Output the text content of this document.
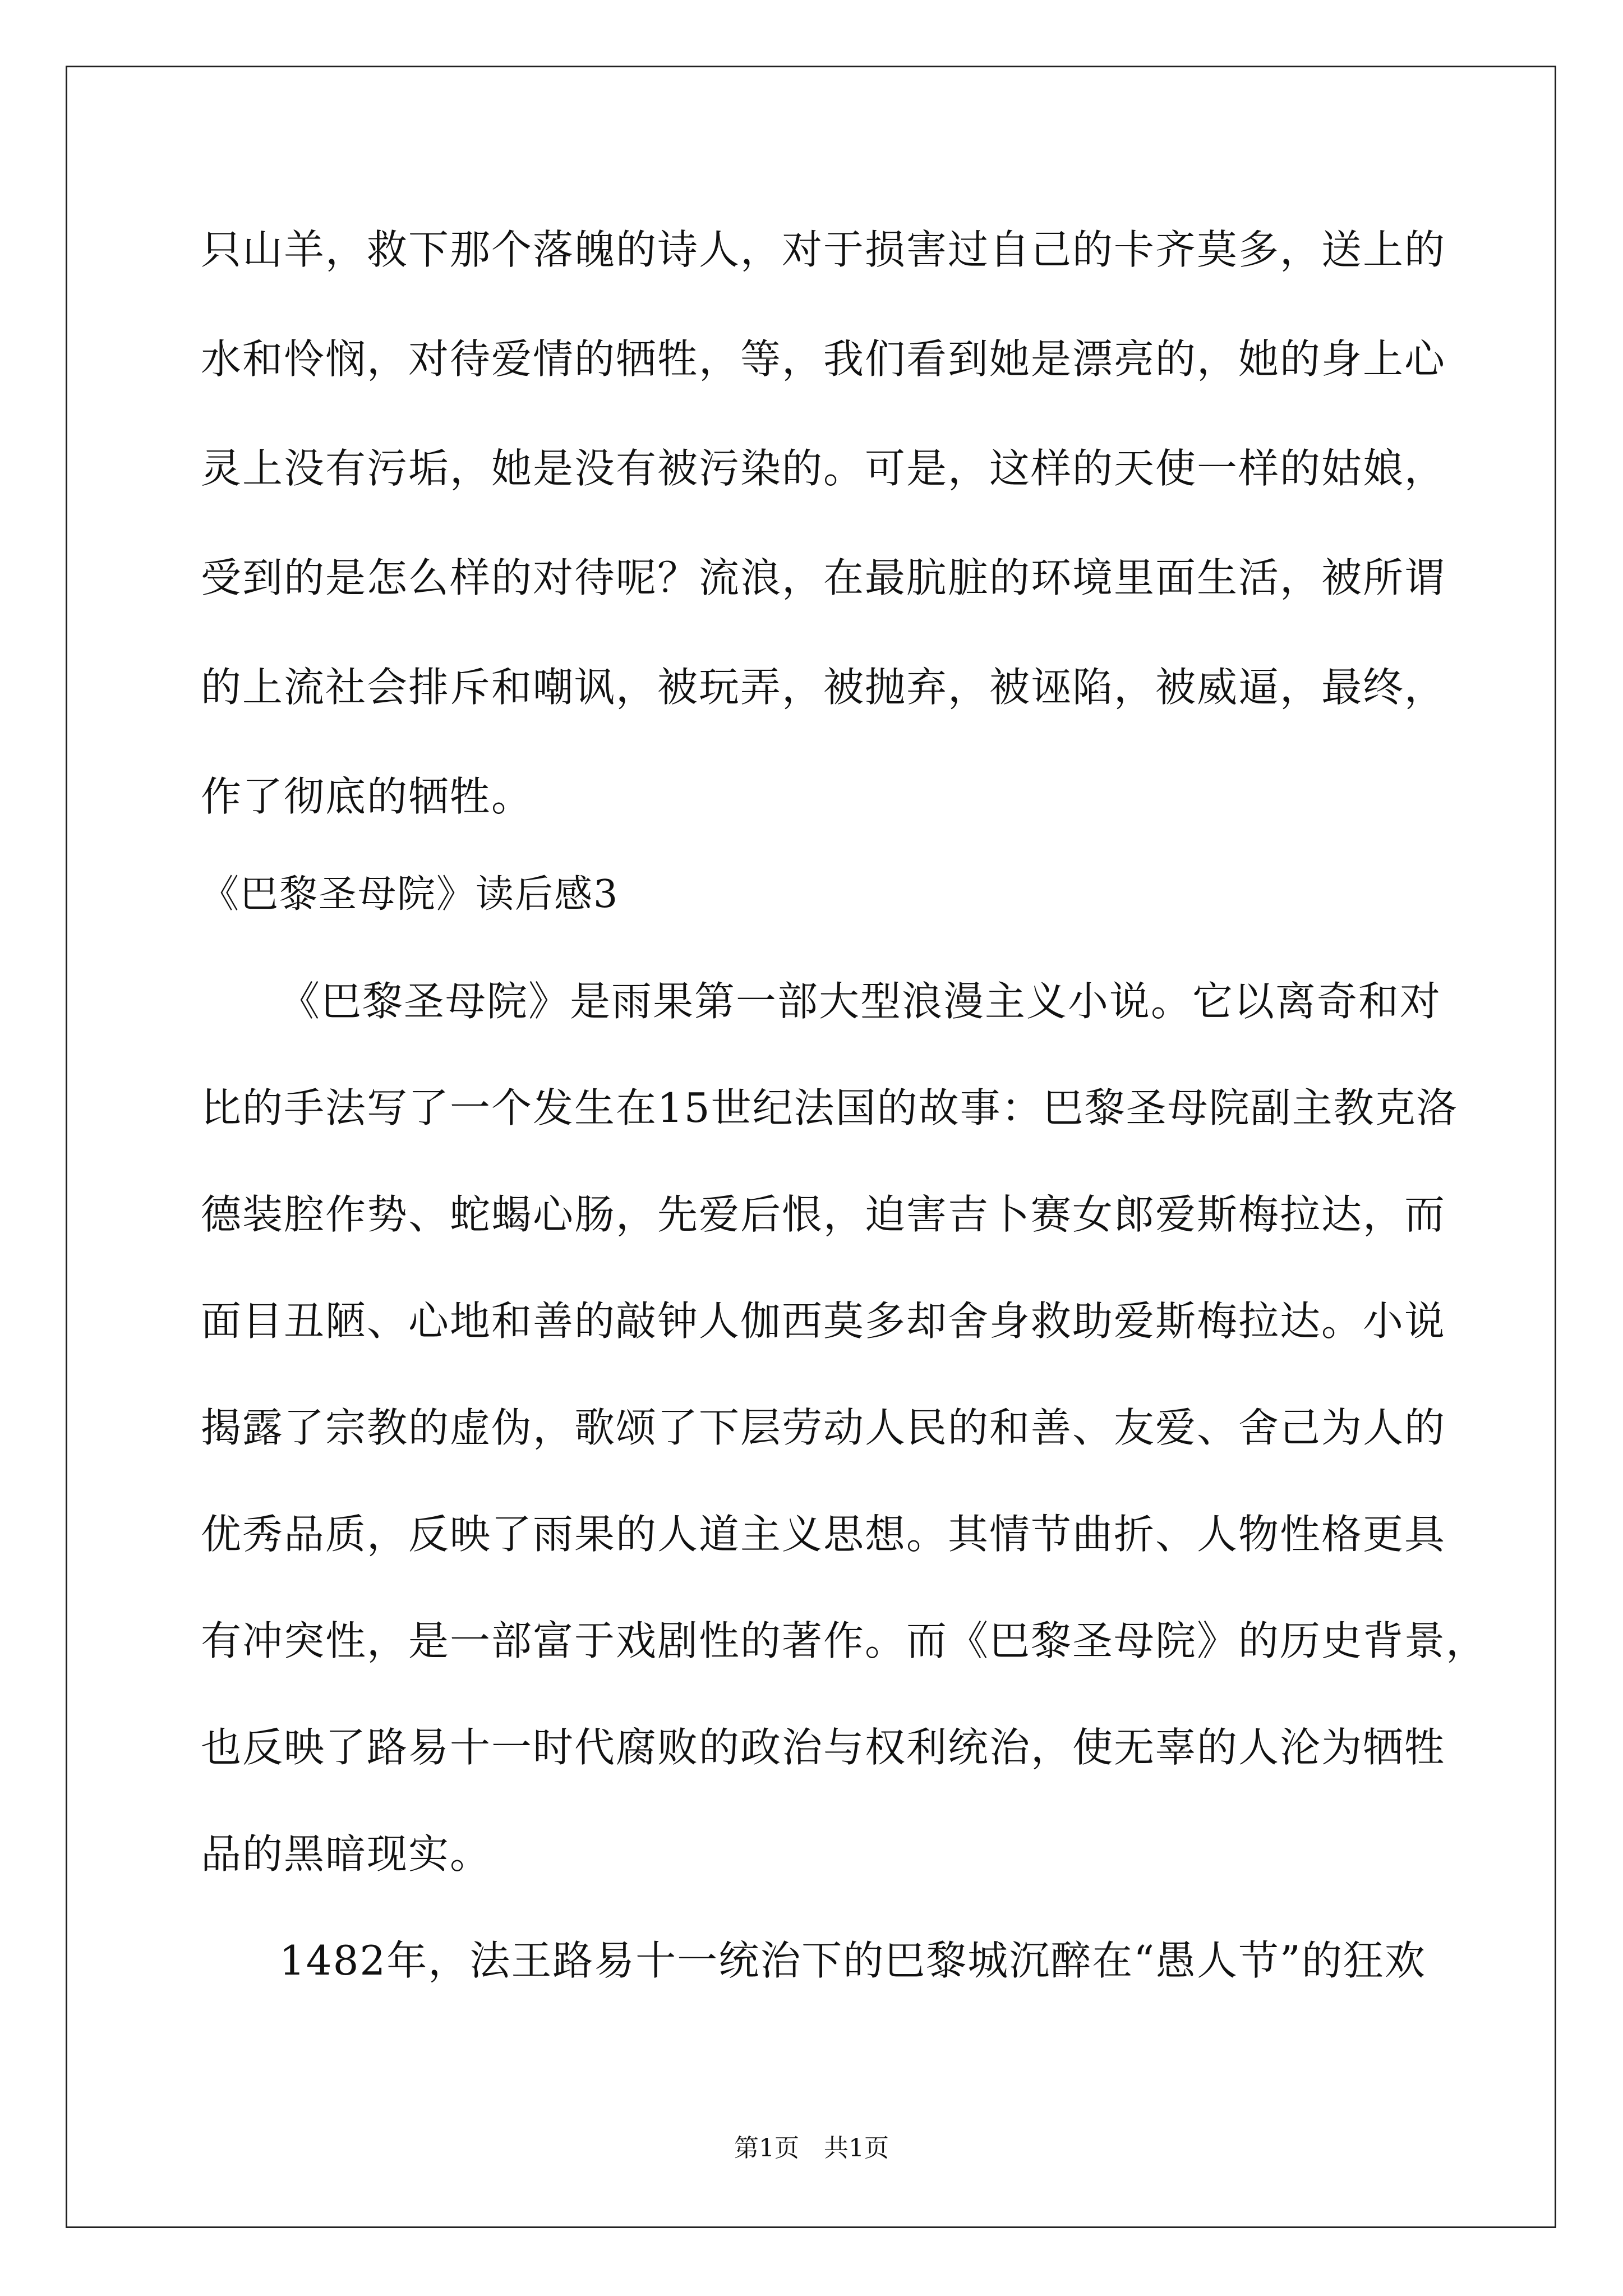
只山羊，救下那个落魄的诗人，对于损害过自己的卡齐莫多，送上的
水和怜悯，对待爱情的牺牲，等，我们看到她是漂亮的，她的身上心
灵上没有污垢，她是没有被污染的。可是，这样的天使一样的姑娘，
受到的是怎么样的对待呢？流浪，在最肮脏的环境里面生活，被所谓
的上流社会排斥和嘲讽，被玩弄，被抛弃，被诬陷，被威逼，最终，
作了彻底的牺牲。
《巴黎圣母院》读后感3
《巴黎圣母院》是雨果第一部大型浪漫主义小说。它以离奇和对
比的手法写了一个发生在15世纪法国的故事：巴黎圣母院副主教克洛
德装腔作势、蛇蝎心肠，先爱后恨，迫害吉卜赛女郎爱斯梅拉达，而
面目丑陋、心地和善的敲钟人伽西莫多却舍身救助爱斯梅拉达。小说
揭露了宗教的虚伪，歌颂了下层劳动人民的和善、友爱、舍己为人的
优秀品质，反映了雨果的人道主义思想。其情节曲折、人物性格更具
有冲突性，是一部富于戏剧性的著作。而《巴黎圣母院》的历史背景，
也反映了路易十一时代腐败的政治与权利统治，使无辜的人沦为牺牲
品的黑暗现实。
1482年，法王路易十一统治下的巴黎城沉醉在“愚人节”的狂欢
第1页　共1页
